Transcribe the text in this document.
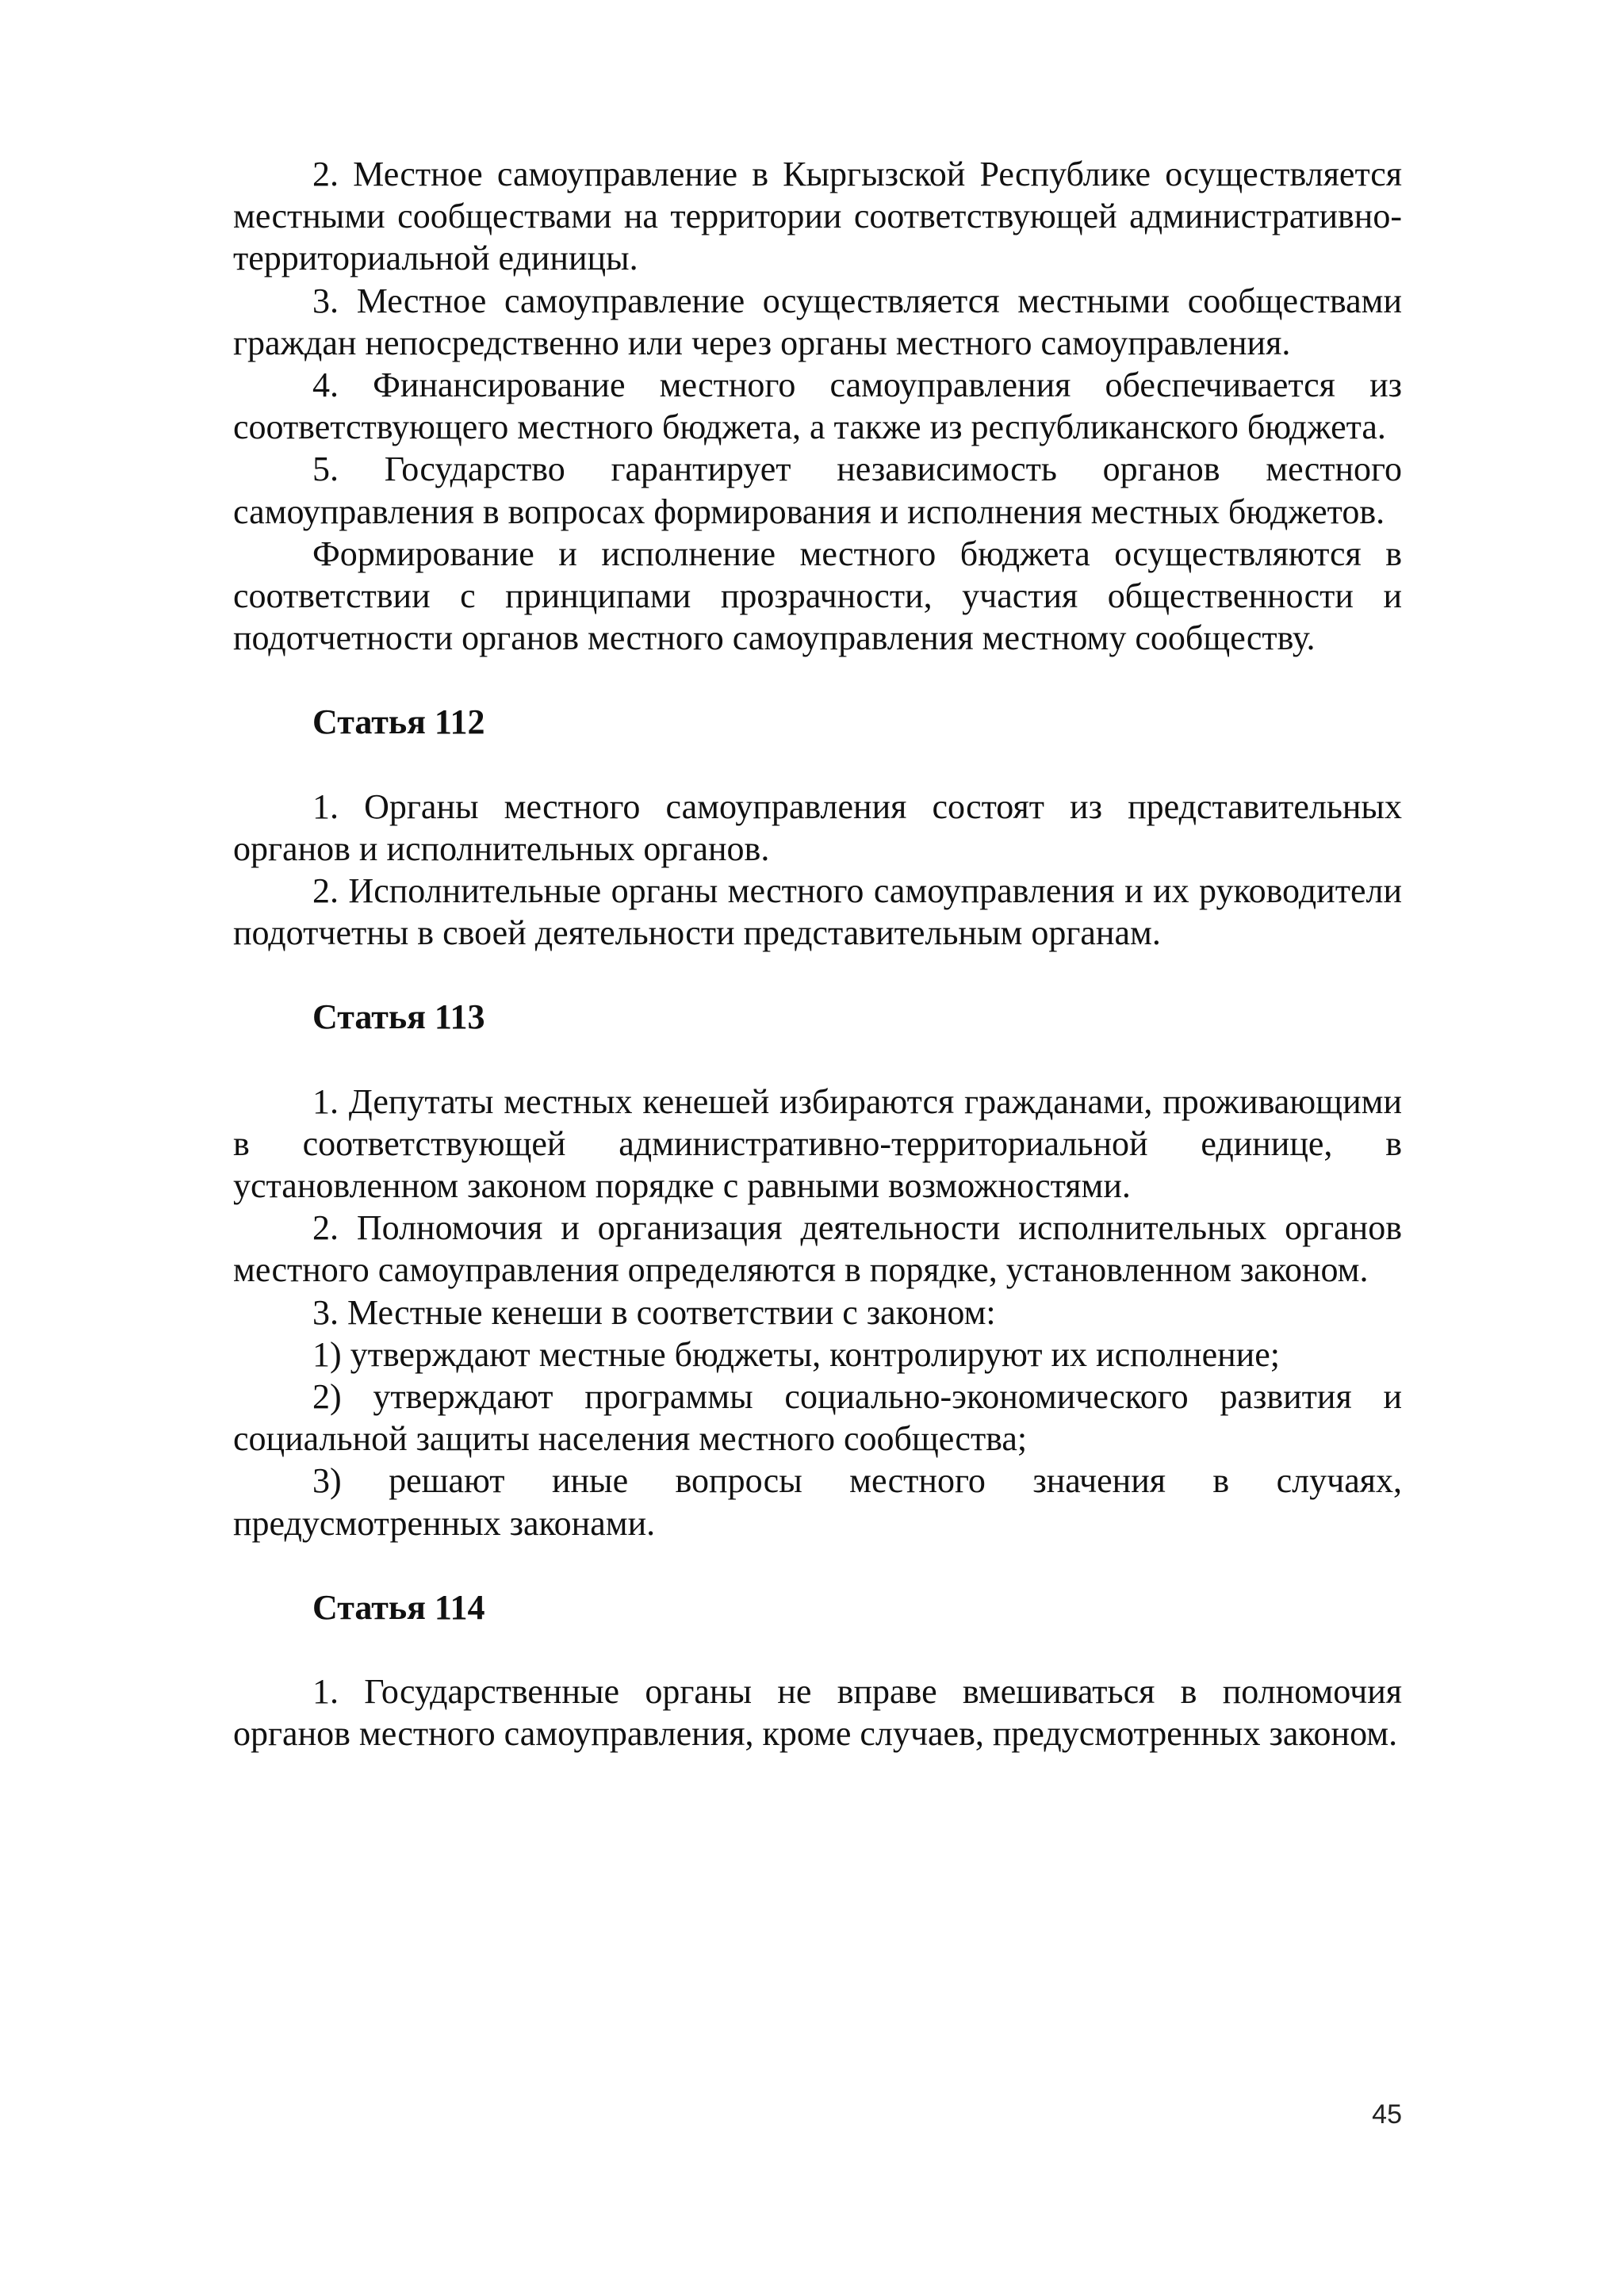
2. Местное самоуправление в Кыргызской Республике осуществляется местными сообществами на территории соответствующей административно-территориальной единицы.

3. Местное самоуправление осуществляется местными сообществами граждан непосредственно или через органы местного самоуправления.

4. Финансирование местного самоуправления обеспечивается из соответствующего местного бюджета, а также из республиканского бюджета.

5. Государство гарантирует независимость органов местного самоуправления в вопросах формирования и исполнения местных бюджетов.

Формирование и исполнение местного бюджета осуществляются в соответствии с принципами прозрачности, участия общественности и подотчетности органов местного самоуправления местному сообществу.

Статья 112

1. Органы местного самоуправления состоят из представительных органов и исполнительных органов.

2. Исполнительные органы местного самоуправления и их руководители подотчетны в своей деятельности представительным органам.

Статья 113

1. Депутаты местных кенешей избираются гражданами, проживающими в соответствующей административно-территориальной единице, в установленном законом порядке с равными возможностями.

2. Полномочия и организация деятельности исполнительных органов местного самоуправления определяются в порядке, установленном законом.

3. Местные кенеши в соответствии с законом:

1) утверждают местные бюджеты, контролируют их исполнение;

2) утверждают программы социально-экономического развития и социальной защиты населения местного сообщества;

3) решают иные вопросы местного значения в случаях, предусмотренных законами.

Статья 114

1. Государственные органы не вправе вмешиваться в полномочия органов местного самоуправления, кроме случаев, предусмотренных законом.

45
